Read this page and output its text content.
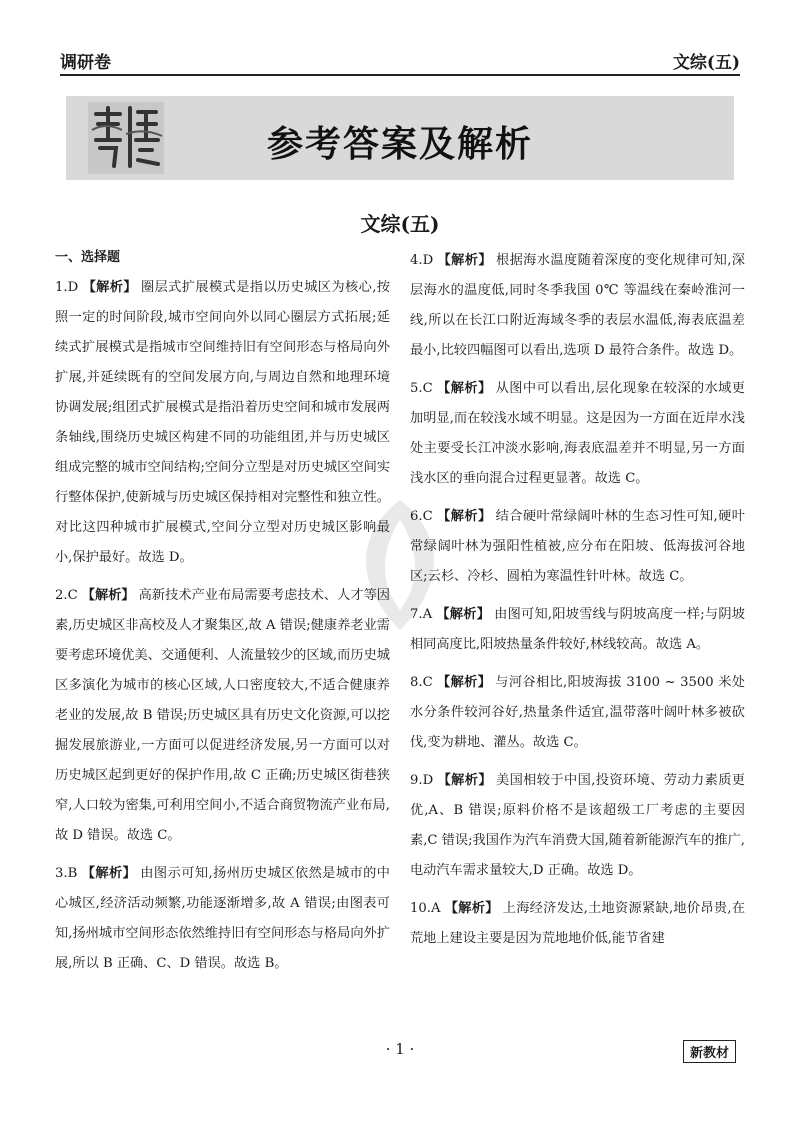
调研卷	文综(五)
参考答案及解析
文综(五)
一、选择题
1.D 【解析】 圈层式扩展模式是指以历史城区为核心,按照一定的时间阶段,城市空间向外以同心圈层方式拓展;延续式扩展模式是指城市空间维持旧有空间形态与格局向外扩展,并延续既有的空间发展方向,与周边自然和地理环境协调发展;组团式扩展模式是指沿着历史空间和城市发展两条轴线,围绕历史城区构建不同的功能组团,并与历史城区组成完整的城市空间结构;空间分立型是对历史城区空间实行整体保护,使新城与历史城区保持相对完整性和独立性。对比这四种城市扩展模式,空间分立型对历史城区影响最小,保护最好。故选 D。
2.C 【解析】 高新技术产业布局需要考虑技术、人才等因素,历史城区非高校及人才聚集区,故 A 错误;健康养老业需要考虑环境优美、交通便利、人流量较少的区域,而历史城区多演化为城市的核心区域,人口密度较大,不适合健康养老业的发展,故 B 错误;历史城区具有历史文化资源,可以挖掘发展旅游业,一方面可以促进经济发展,另一方面可以对历史城区起到更好的保护作用,故 C 正确;历史城区街巷狭窄,人口较为密集,可利用空间小,不适合商贸物流产业布局,故 D 错误。故选 C。
3.B 【解析】 由图示可知,扬州历史城区依然是城市的中心城区,经济活动频繁,功能逐渐增多,故 A 错误;由图表可知,扬州城市空间形态依然维持旧有空间形态与格局向外扩展,所以 B 正确、C、D 错误。故选 B。
4.D 【解析】 根据海水温度随着深度的变化规律可知,深层海水的温度低,同时冬季我国 0℃ 等温线在秦岭淮河一线,所以在长江口附近海域冬季的表层水温低,海表底温差最小,比较四幅图可以看出,选项 D 最符合条件。故选 D。
5.C 【解析】 从图中可以看出,层化现象在较深的水域更加明显,而在较浅水域不明显。这是因为一方面在近岸水浅处主要受长江冲淡水影响,海表底温差并不明显,另一方面浅水区的垂向混合过程更显著。故选 C。
6.C 【解析】 结合硬叶常绿阔叶林的生态习性可知,硬叶常绿阔叶林为强阳性植被,应分布在阳坡、低海拔河谷地区;云杉、冷杉、圆柏为寒温性针叶林。故选 C。
7.A 【解析】 由图可知,阳坡雪线与阴坡高度一样;与阴坡相同高度比,阳坡热量条件较好,林线较高。故选 A。
8.C 【解析】 与河谷相比,阳坡海拔 3100 ~ 3500 米处水分条件较河谷好,热量条件适宜,温带落叶阔叶林多被砍伐,变为耕地、灌丛。故选 C。
9.D 【解析】 美国相较于中国,投资环境、劳动力素质更优,A、B 错误;原料价格不是该超级工厂考虑的主要因素,C 错误;我国作为汽车消费大国,随着新能源汽车的推广,电动汽车需求量较大,D 正确。故选 D。
10.A 【解析】 上海经济发达,土地资源紧缺,地价昂贵,在荒地上建设主要是因为荒地地价低,能节省建
· 1 ·	新教材
